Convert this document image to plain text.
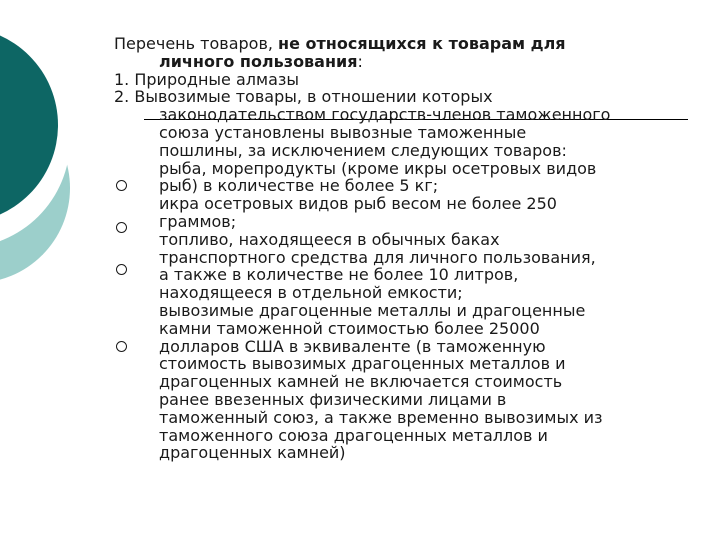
Перечень товаров, не относящихся к товарам для
личного пользования:
1. Природные алмазы
2. Вывозимые товары, в отношении которых
законодательством государств-членов таможенного
союза установлены вывозные таможенные
пошлины, за исключением следующих товаров:
рыба, морепродукты (кроме икры осетровых видов
рыб) в количестве не более 5 кг;
икра осетровых видов рыб весом не более 250
граммов;
топливо, находящееся в обычных баках
транспортного средства для личного пользования,
а также в количестве не более 10 литров,
находящееся в отдельной емкости;
вывозимые драгоценные металлы и драгоценные
камни таможенной стоимостью более 25000
долларов США в эквиваленте (в таможенную
стоимость вывозимых драгоценных металлов и
драгоценных камней не включается стоимость
ранее ввезенных физическими лицами в
таможенный союз, а также временно вывозимых из
таможенного союза драгоценных металлов и
драгоценных камней)
